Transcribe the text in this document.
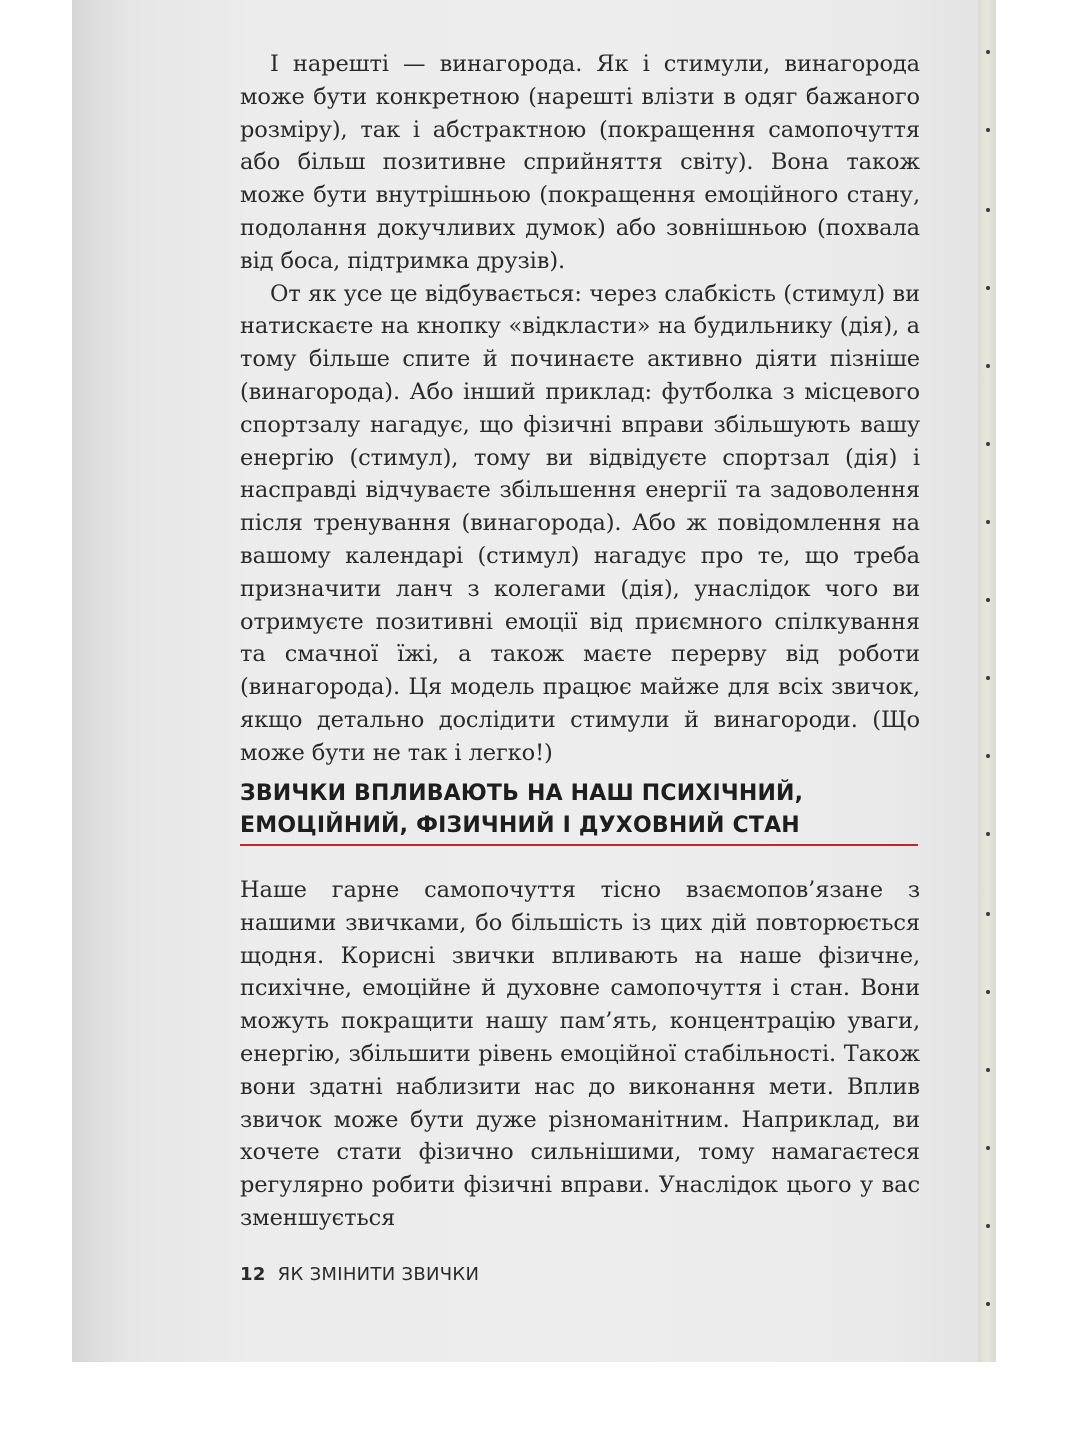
І нарешті — винагорода. Як і стимули, винагорода може бути конкретною (нарешті влізти в одяг бажаного розміру), так і абстрактною (покращення самопочуття або більш позитивне сприйняття світу). Вона також може бути внутрішньою (покращення емоційного стану, подолання докучливих думок) або зовнішньою (похвала від боса, підтримка друзів).

От як усе це відбувається: через слабкість (стимул) ви натискаєте на кнопку «відкласти» на будильнику (дія), а тому більше спите й починаєте активно діяти пізніше (винагорода). Або інший приклад: футболка з місцевого спортзалу нагадує, що фізичні вправи збільшують вашу енергію (стимул), тому ви відвідуєте спортзал (дія) і насправді відчуваєте збільшення енергії та задоволення після тренування (винагорода). Або ж повідомлення на вашому календарі (стимул) нагадує про те, що треба призначити ланч з колегами (дія), унаслідок чого ви отримуєте позитивні емоції від приємного спілкування та смачної їжі, а також маєте перерву від роботи (винагорода). Ця модель працює майже для всіх звичок, якщо детально дослідити стимули й винагороди. (Що може бути не так і легко!)

ЗВИЧКИ ВПЛИВАЮТЬ НА НАШ ПСИХІЧНИЙ,
ЕМОЦІЙНИЙ, ФІЗИЧНИЙ І ДУХОВНИЙ СТАН

Наше гарне самопочуття тісно взаємопов’язане з нашими звичками, бо більшість із цих дій повторюється щодня. Корисні звички впливають на наше фізичне, психічне, емоційне й духовне самопочуття і стан. Вони можуть покращити нашу пам’ять, концентрацію уваги, енергію, збільшити рівень емоційної стабільності. Також вони здатні наблизити нас до виконання мети. Вплив звичок може бути дуже різноманітним. Наприклад, ви хочете стати фізично сильнішими, тому намагаєтеся регулярно робити фізичні вправи. Унаслідок цього у вас зменшується

12 ЯК ЗМІНИТИ ЗВИЧКИ
